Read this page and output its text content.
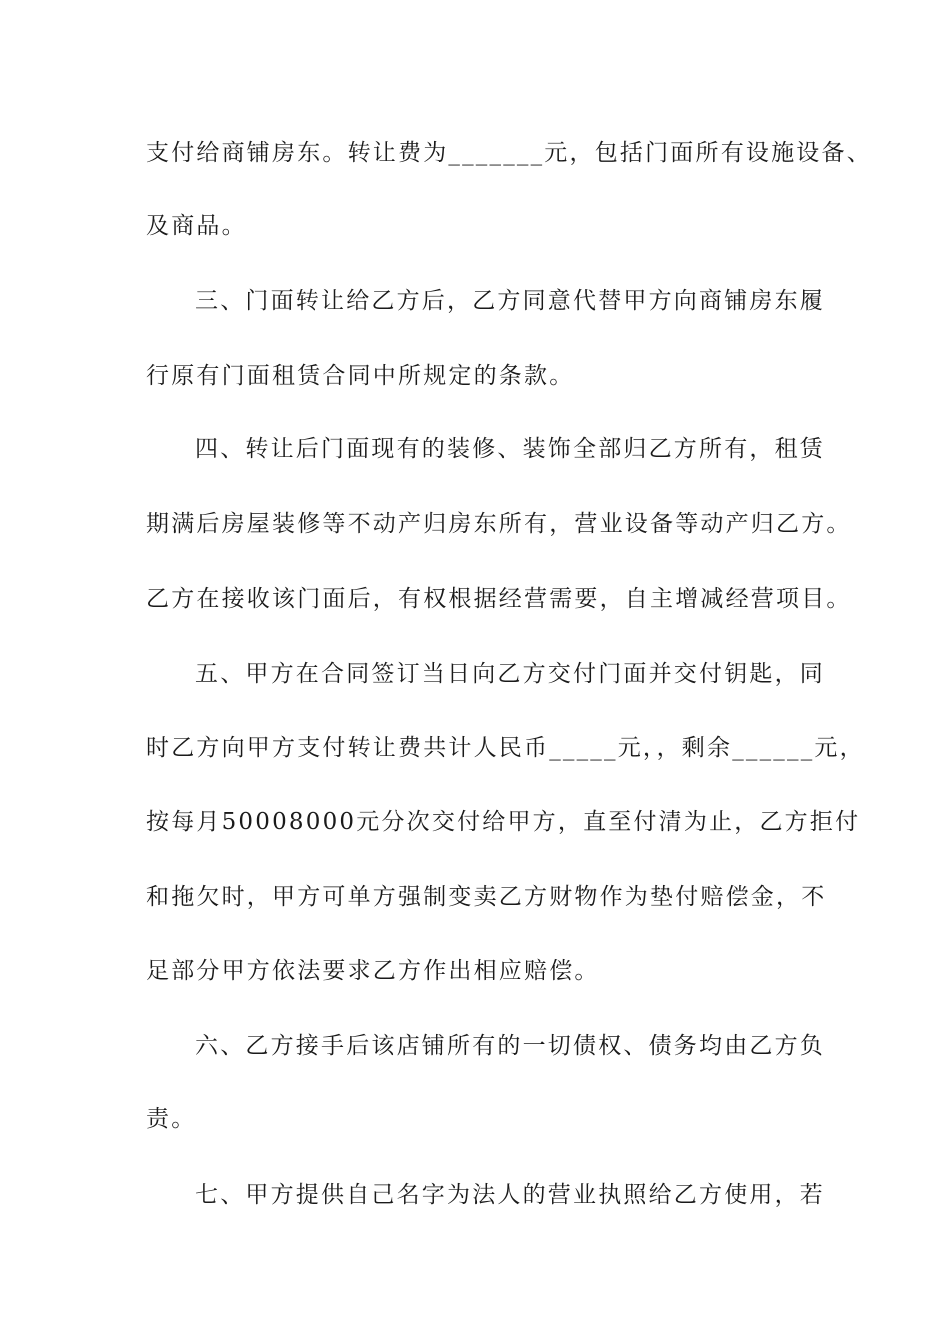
支付给商铺房东。转让费为_______元，包括门面所有设施设备、
及商品。
三、门面转让给乙方后，乙方同意代替甲方向商铺房东履
行原有门面租赁合同中所规定的条款。
四、转让后门面现有的装修、装饰全部归乙方所有，租赁
期满后房屋装修等不动产归房东所有，营业设备等动产归乙方。
乙方在接收该门面后，有权根据经营需要，自主增减经营项目。
五、甲方在合同签订当日向乙方交付门面并交付钥匙，同
时乙方向甲方支付转让费共计人民币_____元，，剩余______元，
按每月50008000元分次交付给甲方，直至付清为止，乙方拒付
和拖欠时，甲方可单方强制变卖乙方财物作为垫付赔偿金，不
足部分甲方依法要求乙方作出相应赔偿。
六、乙方接手后该店铺所有的一切债权、债务均由乙方负
责。
七、甲方提供自己名字为法人的营业执照给乙方使用，若
